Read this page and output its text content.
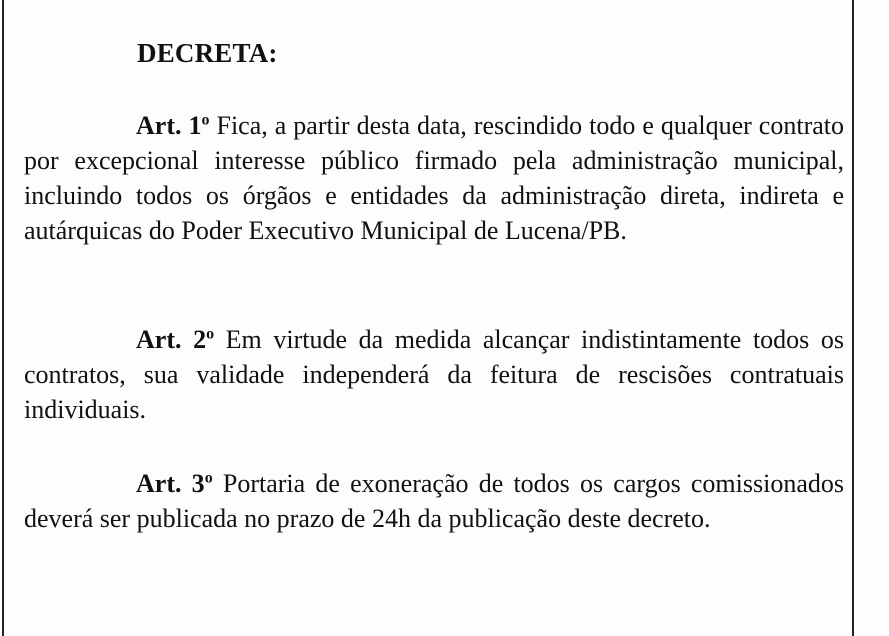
DECRETA:

Art. 1$^o$ Fica, a partir desta data, rescindido todo e qualquer contrato por excepcional interesse público firmado pela administração municipal, incluindo todos os órgãos e entidades da administração direta, indireta e autárquicas do Poder Executivo Municipal de Lucena/PB.

Art. 2$^o$ Em virtude da medida alcançar indistintamente todos os contratos, sua validade independerá da feitura de rescisões contratuais individuais.

Art. 3$^o$ Portaria de exoneração de todos os cargos comissionados deverá ser publicada no prazo de 24h da publicação deste decreto.
